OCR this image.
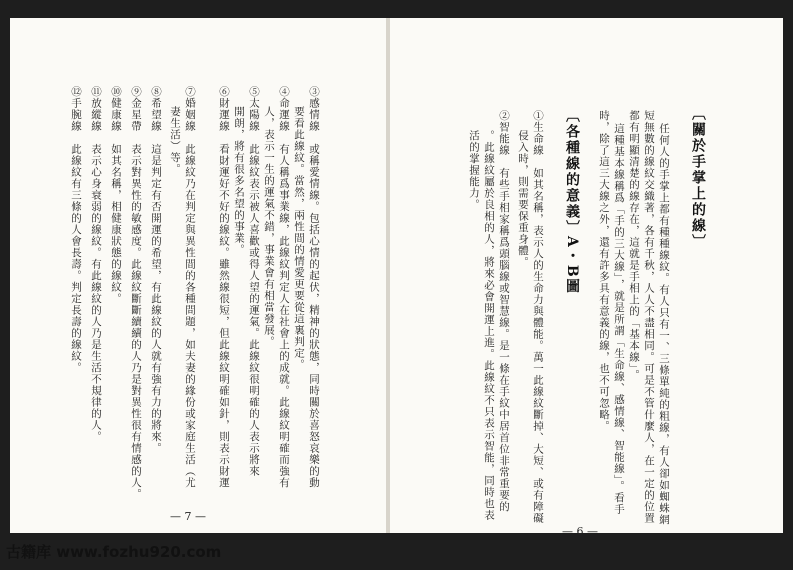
③感情線　或稱愛情線。包括心情的起伏，精神的狀態，同時關於喜怒哀樂的動
要看此線紋。當然，兩性間的情愛更要從這裏判定。
④命運線　有人稱爲事業線，此線紋判定人在社會上的成就。此線紋明確而強有
人，表示一生的運氣不錯，事業會有相當發展。
⑤太陽線　此線紋表示被人喜歡或得人望的運氣。此線紋很明確的人表示將來
開朗，將有很多名望的事業。
⑥財運線　看財運好不好的線紋。雖然線很短，但此線紋明確如針，則表示財運
⑦婚姻線　此線紋乃在判定與異性間的各種問題，如夫妻的緣份或家庭生活（尤
妻生活）等。
⑧希望線　這是判定有否開運的希望，有此線紋的人就有強有力的將來。
⑨金星帶　表示對異性的敏感度。此線紋斷斷續續的人乃是對異性很有情感的人。
⑩健康線　如其名稱，相健康狀態的線紋。
⑪放縱線　表示心身衰弱的線紋。有此線紋的人乃是生活不規律的人。
⑫手腕線　此線紋有三條的人會長壽。判定長壽的線紋。
— 7 —
〔關於手掌上的線〕
任何人的手掌上都有種種線紋。有人只有一、三條單純的粗線，有人卻如蜘蛛網
短無數的線紋交織著，各有千秋，人人不盡相同。可是不管什麼人，在一定的位置
都有明顯清楚的線存在，這就是手相上的「基本線」。
這種基本線稱爲「手的三大線」，就是所謂「生命線、感情線、智能線」。看手
時，除了這三大線之外，還有許多具有意義的線，也不可忽略。
〔各種線的意義〕A・B圖
①生命線　如其名稱，表示人的生命力與體能。萬一此線紋斷掉、大短、或有障礙
侵入時，則需要保重身體。
②智能線　有些手相家稱爲頭腦線或智慧線。是一條在手紋中居首位非常重要的
。此線紋屬於良相的人，將來必會開運上進。此線紋不只表示智能，同時也表
活的掌握能力。
— 6 —
古籍库 www.fozhu920.com
